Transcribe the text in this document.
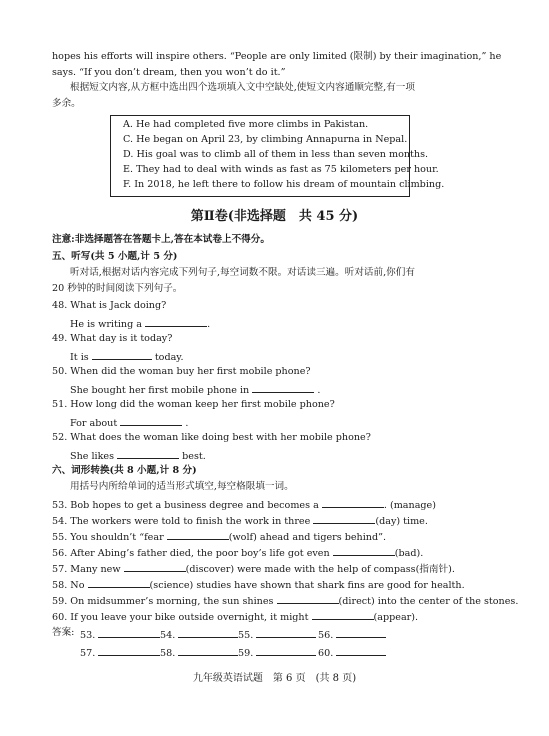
hopes his efforts will inspire others. “People are only limited (限制) by their imagination,” he
says. “If you don’t dream, then you won’t do it.”
根据短文内容,从方框中选出四个选项填入文中空缺处,使短文内容通顺完整,有一项
多余。
A. He had completed five more climbs in Pakistan.
C. He began on April 23, by climbing Annapurna in Nepal.
D. His goal was to climb all of them in less than seven months.
E. They had to deal with winds as fast as 75 kilometers per hour.
F. In 2018, he left there to follow his dream of mountain climbing.
第Ⅱ卷(非选择题　共 45 分)
注意:非选择题答在答题卡上,答在本试卷上不得分。
五、听写(共 5 小题,计 5 分)
听对话,根据对话内容完成下列句子,每空词数不限。对话读三遍。听对话前,你们有
20 秒钟的时间阅读下列句子。
48. What is Jack doing?
He is writing a	.
49. What day is it today?
It is	today.
50. When did the woman buy her first mobile phone?
She bought her first mobile phone in	.
51. How long did the woman keep her first mobile phone?
For about	.
52. What does the woman like doing best with her mobile phone?
She likes	best.
六、词形转换(共 8 小题,计 8 分)
用括号内所给单词的适当形式填空,每空格限填一词。
53. Bob hopes to get a business degree and becomes a	. (manage)
54. The workers were told to finish the work in three	(day) time.
55. You shouldn’t “fear	(wolf) ahead and tigers behind”.
56. After Abing’s father died, the poor boy’s life got even	(bad).
57. Many new	(discover) were made with the help of compass(指南针).
58. No	(science) studies have shown that shark fins are good for health.
59. On midsummer’s morning, the sun shines	(direct) into the center of the stones.
60. If you leave your bike outside overnight, it might	(appear).
答案: 53.	54.	55.	56.
57.	58.	59.	60.
九年级英语试题　第 6 页　(共 8 页)
